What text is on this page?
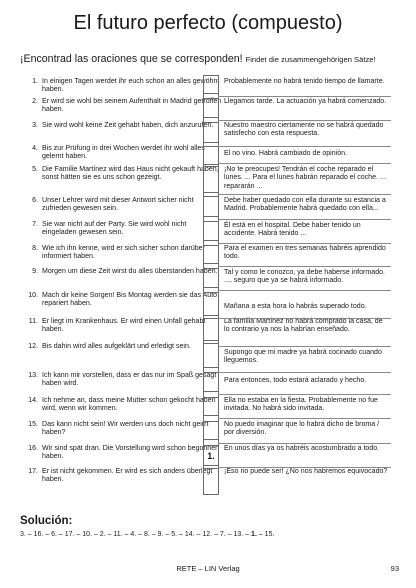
El futuro perfecto (compuesto)
¡Encontrad las oraciones que se corresponden! Findet die zusammengehörigen Sätze!
1. In einigen Tagen werdet ihr euch schon an alles gewöhnt haben.
2. Er wird sie wohl bei seinem Aufenthalt in Madrid getroffen haben.
3. Sie wird wohl keine Zeit gehabt haben, dich anzurufen.
4. Bis zur Prüfung in drei Wochen werdet ihr wohl alles gelernt haben.
5. Die Familie Martínez wird das Haus nicht gekauft haben, sonst hätten sie es uns schon gezeigt.
6. Unser Lehrer wird mit dieser Antwort sicher nicht zufrieden gewesen sein.
7. Sie war nicht auf der Party. Sie wird wohl nicht eingeladen gewesen sein.
8. Wie ich ihn kenne, wird er sich sicher schon darüber informiert haben.
9. Morgen um diese Zeit wirst du alles überstanden haben.
10. Mach dir keine Sorgen! Bis Montag werden sie das Auto repariert haben.
11. Er liegt im Krankenhaus. Er wird einen Unfall gehabt haben.
12. Bis dahin wird alles aufgeklärt und erledigt sein.
13. Ich kann mir vorstellen, dass er das nur im Spaß gesagt haben wird.
14. Ich nehme an, dass meine Mutter schon gekocht haben wird, wenn wir kommen.
15. Das kann nicht sein! Wir werden uns doch nicht geirrt haben?
16. Wir sind spät dran. Die Vorstellung wird schon begonnen haben.
17. Er ist nicht gekommen. Er wird es sich anders überlegt haben.
1.
Probablemente no habrá tenido tiempo de llamarte.
Llegamos tarde. La actuación ya habrá comenzado.
Nuestro maestro ciertamente no se habrá quedado satisfecho con esta respuesta.
El no vino. Habrá cambiado de opinión.
¡No te preocupes! Tendrán el coche reparado el lunes. ... Para el lunes habrán reparado el coche. ... repararán ...
Debe haber quedado con ella durante su estancia a Madrid. Probablemente habrá quedado con ella...
Él está en el hospital. Debe haber tenido un accidente. Habrá tenido ...
Para el examen en tres semanas habréis aprendido todo.
Tal y como le conozco, ya debe haberse informado. ..., seguro que ya se habrá informado.
Mañana a esta hora lo habrás superado todo.
La familia Martínez no habrá comprado la casa, de lo contrario ya nos la habrían enseñado.
Supongo que mi madre ya habrá cocinado cuando lleguemos.
Para entonces, todo estará aclarado y hecho.
Ella no estaba en la fiesta. Probablemente no fue invitada. No habrá sido invitada.
No puedo imaginar que lo habrá dicho de broma / por diversión.
En unos días ya os habréis acostumbrado a todo.
¡Eso no puede ser! ¿No nos habremos equivocado?
Solución:
3. – 16. – 6. – 17. – 10. – 2. – 11. – 4. – 8. – 9. – 5. – 14. – 12. – 7. – 13. – 1. – 15.
RETE – LIN Verlag	93
